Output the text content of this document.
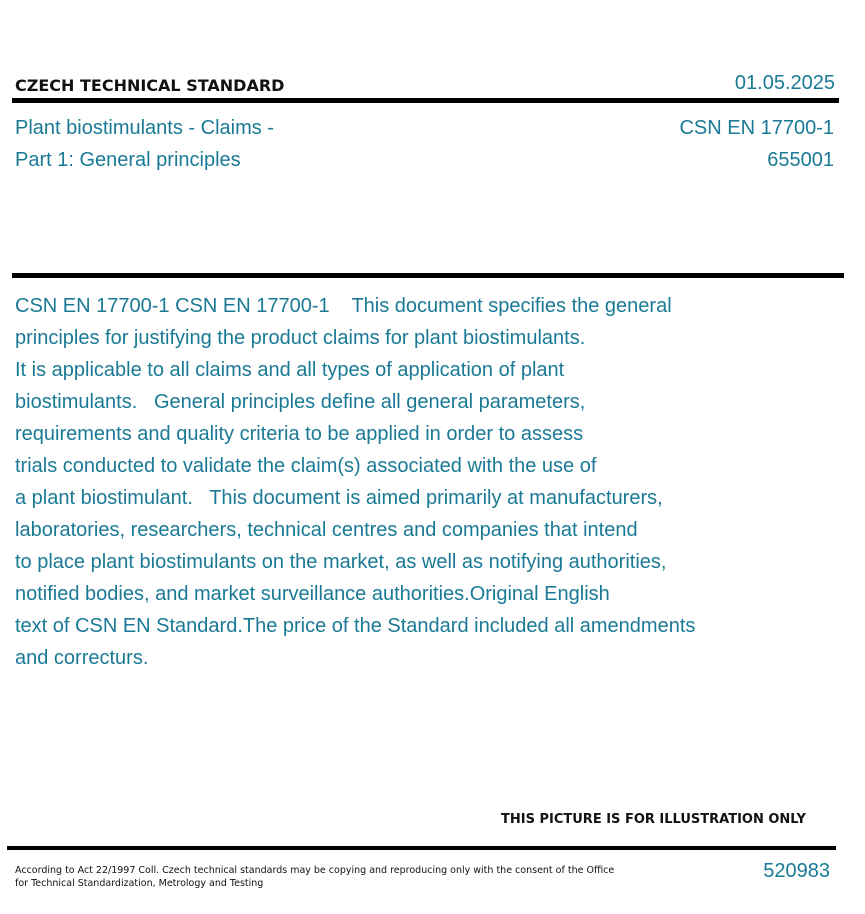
CZECH TECHNICAL STANDARD	01.05.2025
Plant biostimulants - Claims -
Part 1: General principles
CSN EN 17700-1
655001
CSN EN 17700-1 CSN EN 17700-1    This document specifies the general
principles for justifying the product claims for plant biostimulants.
It is applicable to all claims and all types of application of plant
biostimulants.   General principles define all general parameters,
requirements and quality criteria to be applied in order to assess
trials conducted to validate the claim(s) associated with the use of
a plant biostimulant.   This document is aimed primarily at manufacturers,
laboratories, researchers, technical centres and companies that intend
to place plant biostimulants on the market, as well as notifying authorities,
notified bodies, and market surveillance authorities.Original English
text of CSN EN Standard.The price of the Standard included all amendments
and correcturs.
THIS PICTURE IS FOR ILLUSTRATION ONLY
According to Act 22/1997 Coll. Czech technical standards may be copying and reproducing only with the consent of the Office
for Technical Standardization, Metrology and Testing
520983
